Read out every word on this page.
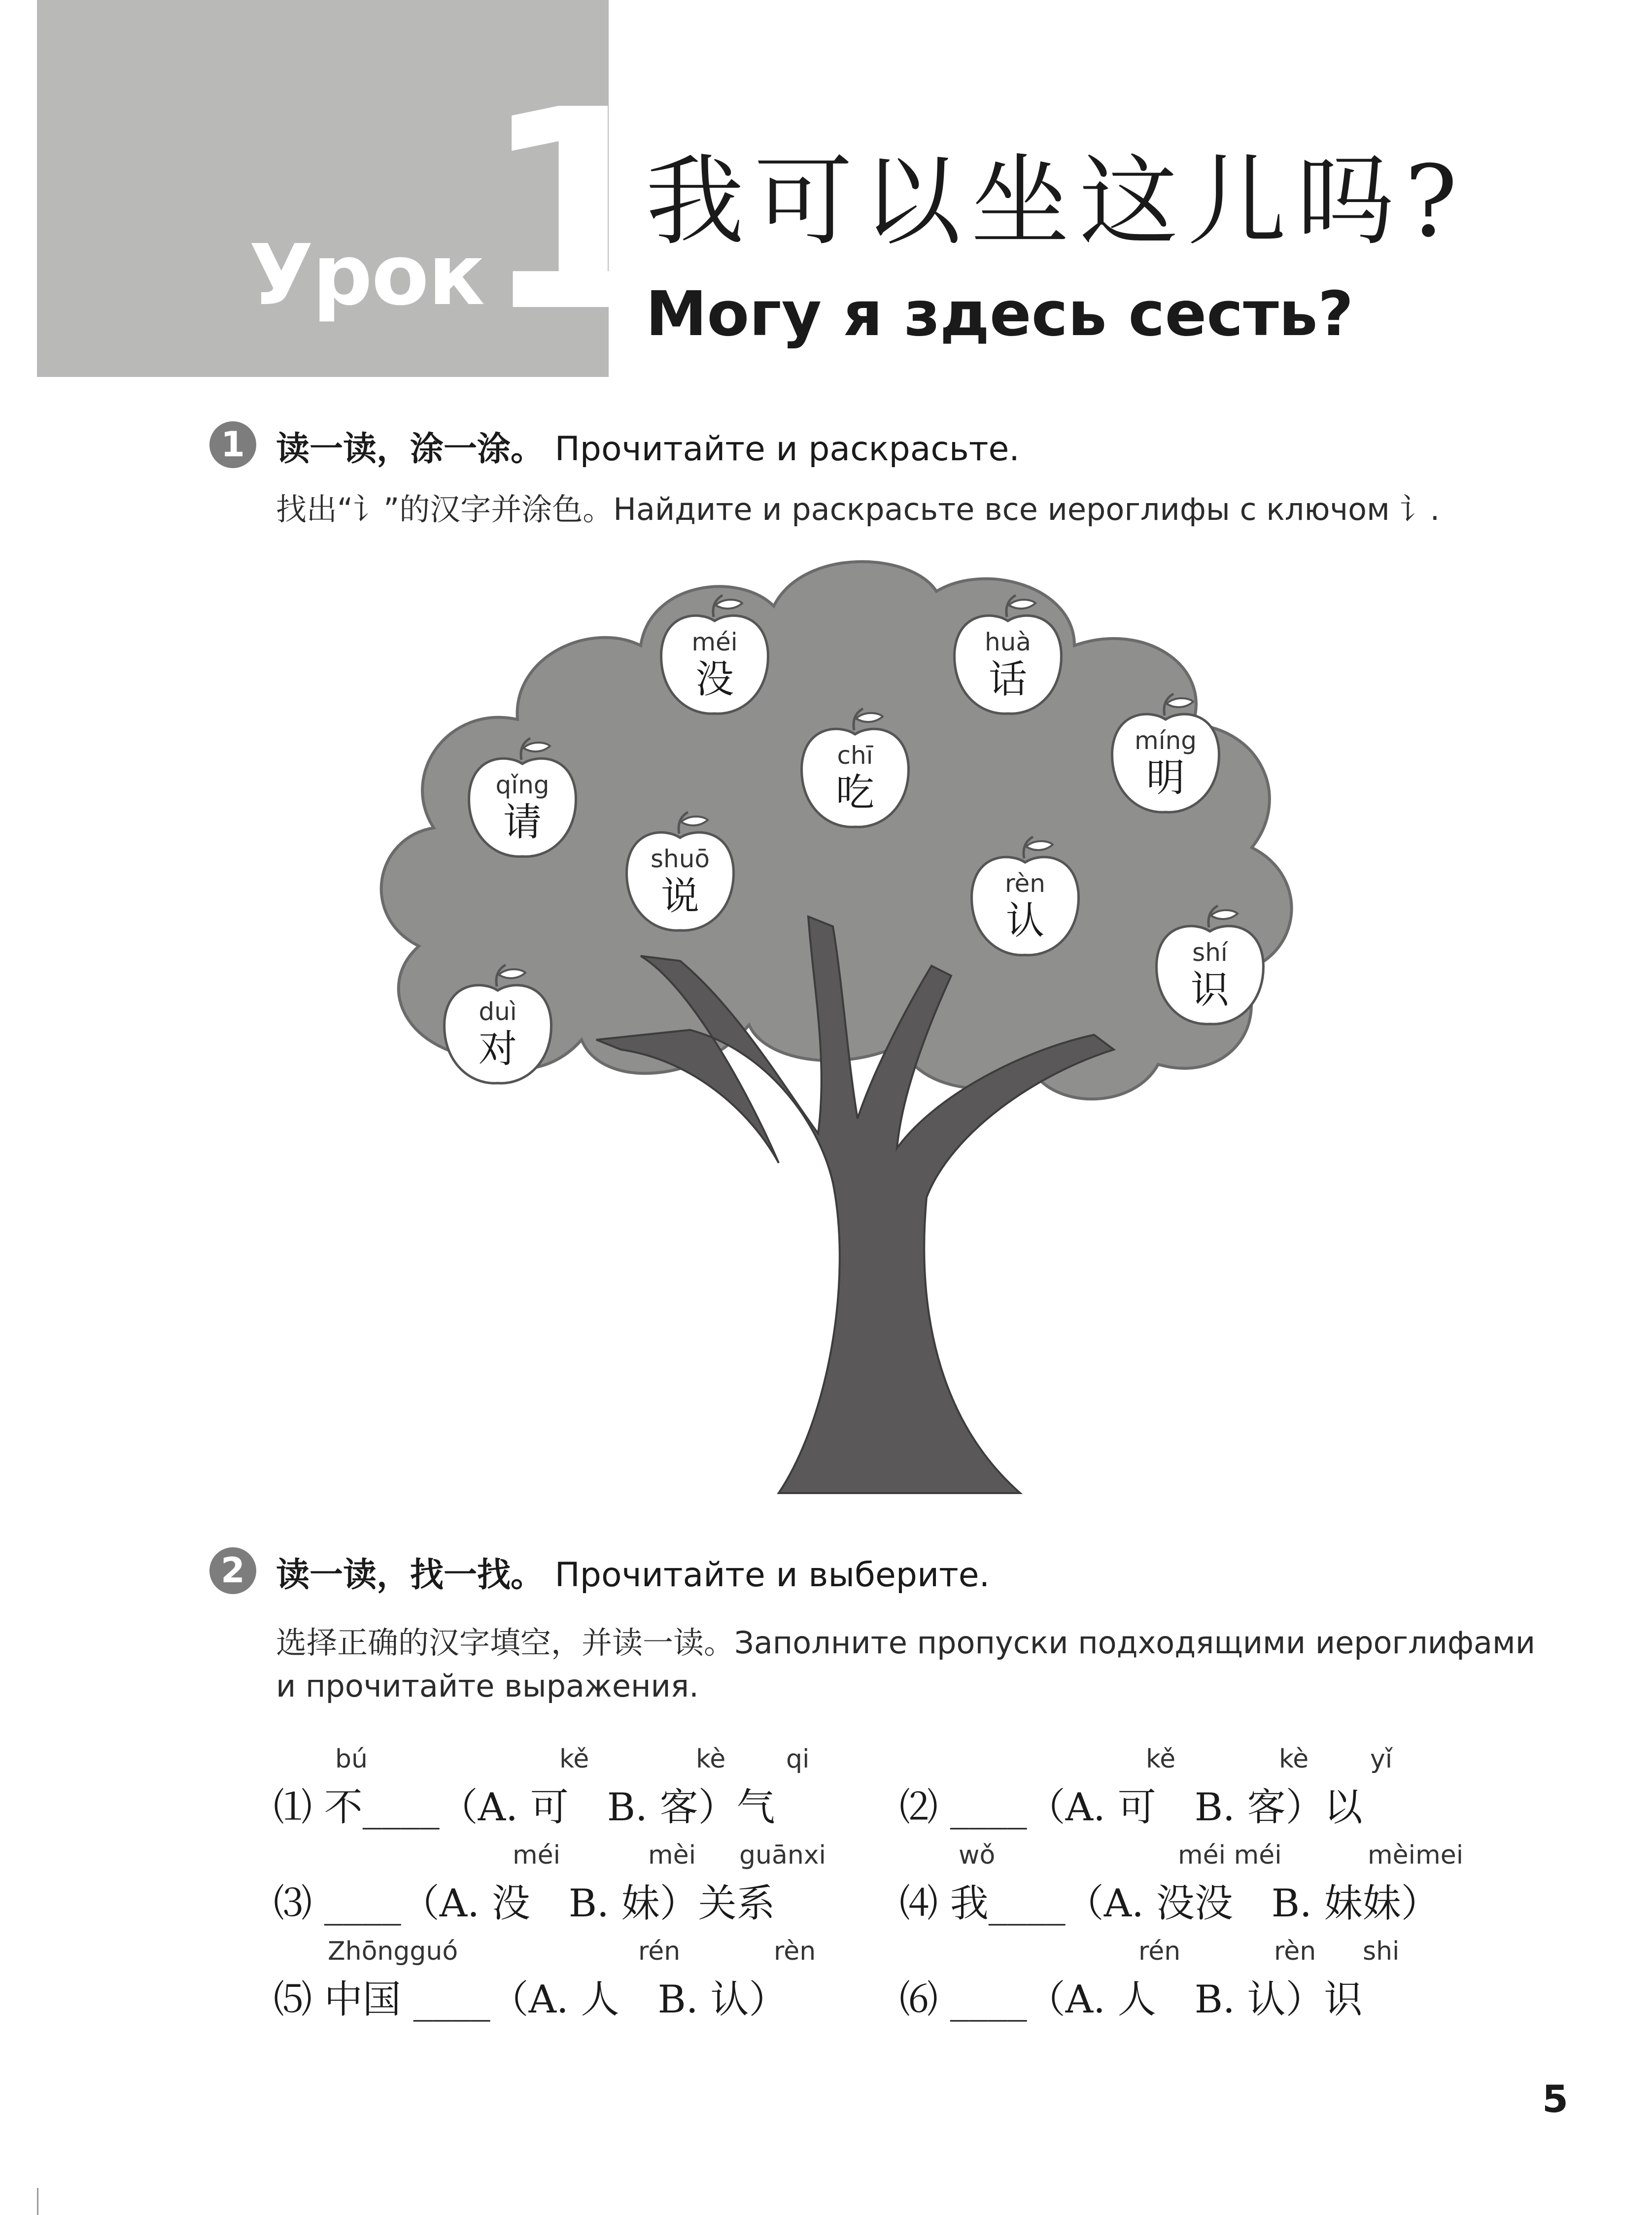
Урок
1
我可以坐这儿吗?
Могу я здесь сесть?
1 读一读，涂一涂。 Прочитайте и раскрасьте.
找出“讠”的汉字并涂色。Найдите и раскрасьте все иероглифы с ключом 讠.
méi
没
huà
话
chī
吃
míng
明
qǐng
请
shuō
说	rèn
认
shí
识
duì
对
2 读一读，找一找。 Прочитайте и выберите.
选择正确的汉字填空，并读一读。Заполните пропуски подходящими иероглифами
и прочитайте выражения.
bú	kě	kè qi
⑴ 不____（A. 可　B. 客）气
kě	kè yǐ
⑵ ____（A. 可　B. 客）以
méi	mèi guānxi
⑶ ____（A. 没　B. 妹）关系
wǒ	méi méi	mèimei
⑷ 我____（A. 没没　B. 妹妹）
Zhōngguó	rén	rèn
⑸ 中国 ____（A. 人　B. 认）
rén	rèn shi
⑹ ____（A. 人　B. 认）识
5
